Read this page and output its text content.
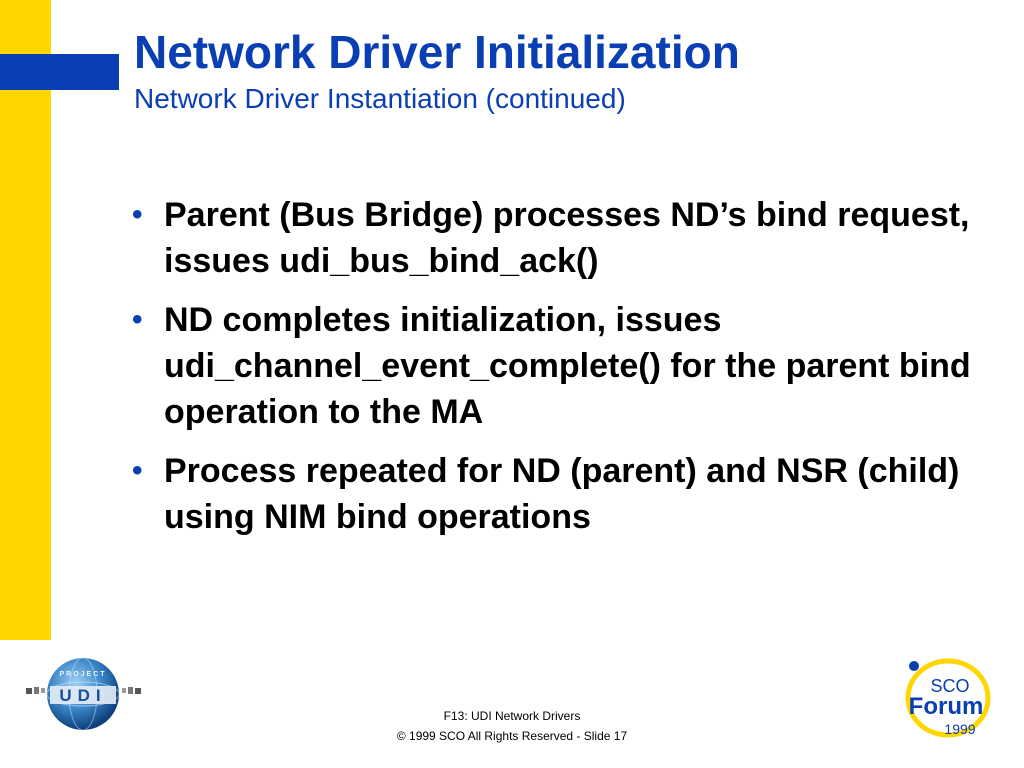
Network Driver Initialization
Network Driver Instantiation (continued)
• Parent (Bus Bridge) processes ND’s bind request, issues udi_bus_bind_ack()
• ND completes initialization, issues udi_channel_event_complete() for the parent bind operation to the MA
• Process repeated for ND (parent) and NSR (child) using NIM bind operations
PROJECT
UDI	SCO
Forum
1999
F13: UDI Network Drivers
© 1999 SCO All Rights Reserved - Slide 17
